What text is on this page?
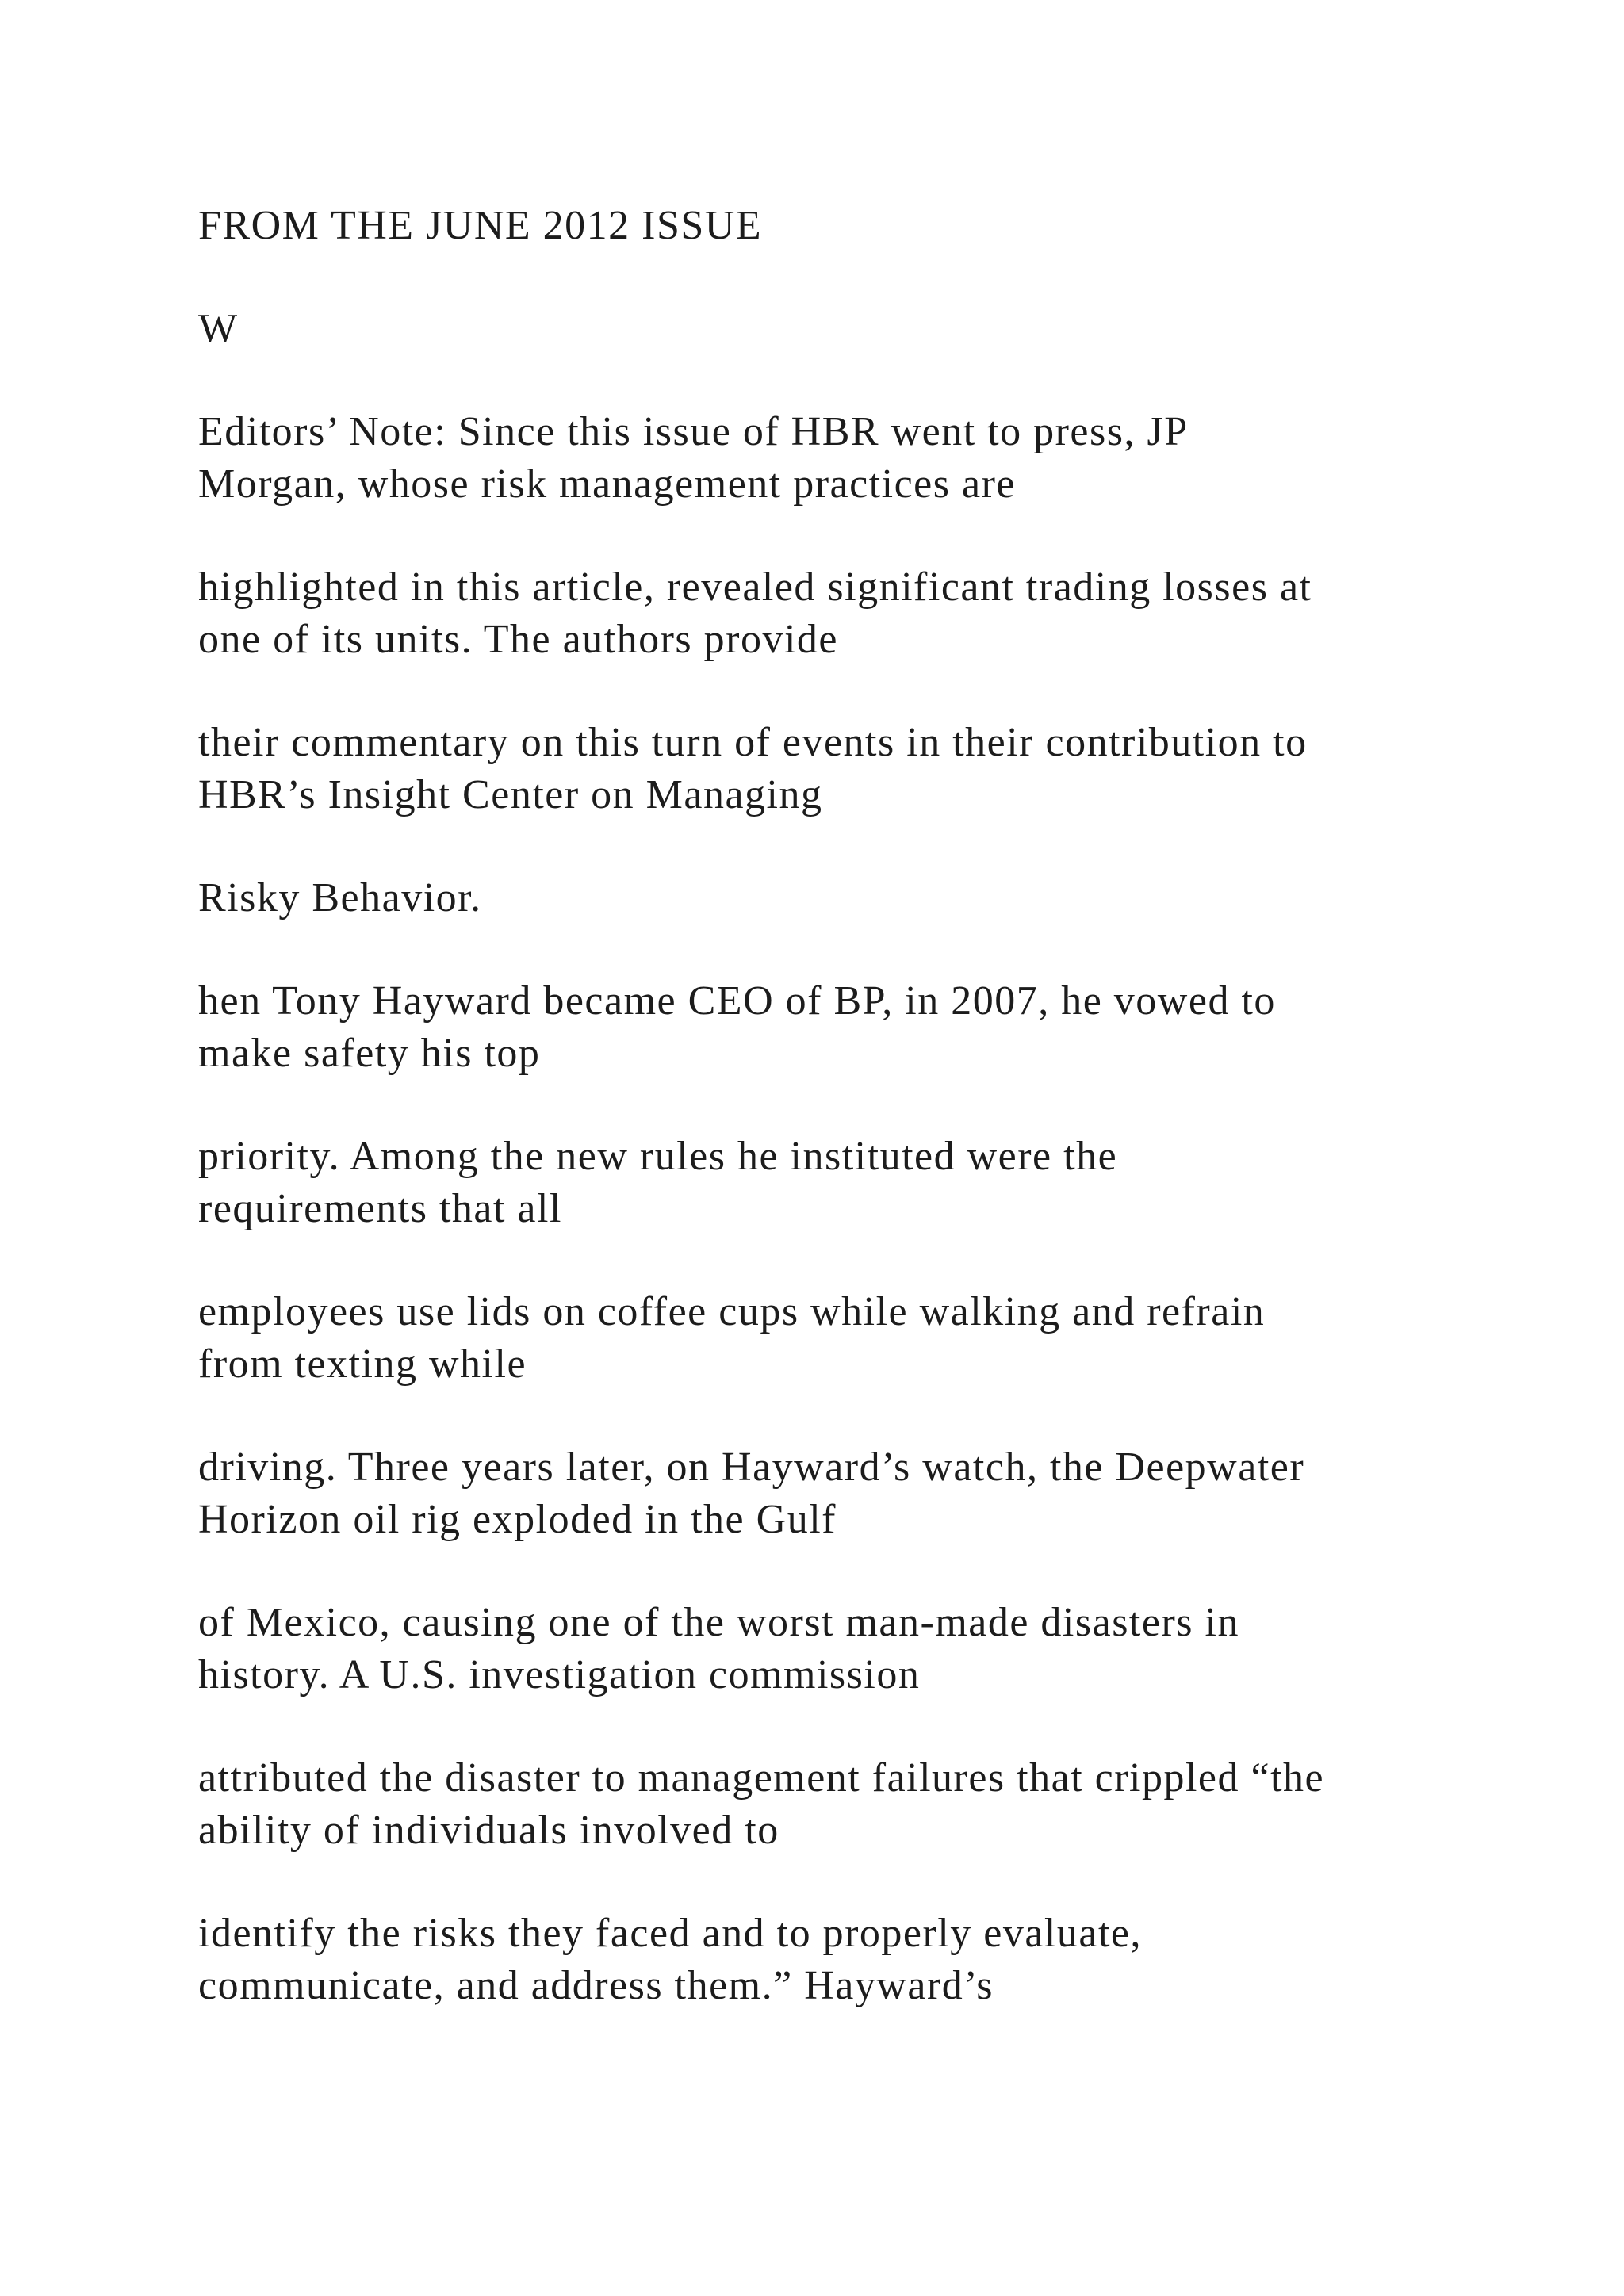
FROM THE JUNE 2012 ISSUE

W

Editors’ Note: Since this issue of HBR went to press, JP
Morgan, whose risk management practices are

highlighted in this article, revealed significant trading losses at
one of its units. The authors provide

their commentary on this turn of events in their contribution to
HBR’s Insight Center on Managing

Risky Behavior.

hen Tony Hayward became CEO of BP, in 2007, he vowed to
make safety his top

priority. Among the new rules he instituted were the
requirements that all

employees use lids on coffee cups while walking and refrain
from texting while

driving. Three years later, on Hayward’s watch, the Deepwater
Horizon oil rig exploded in the Gulf

of Mexico, causing one of the worst man-made disasters in
history. A U.S. investigation commission

attributed the disaster to management failures that crippled “the
ability of individuals involved to

identify the risks they faced and to properly evaluate,
communicate, and address them.” Hayward’s
